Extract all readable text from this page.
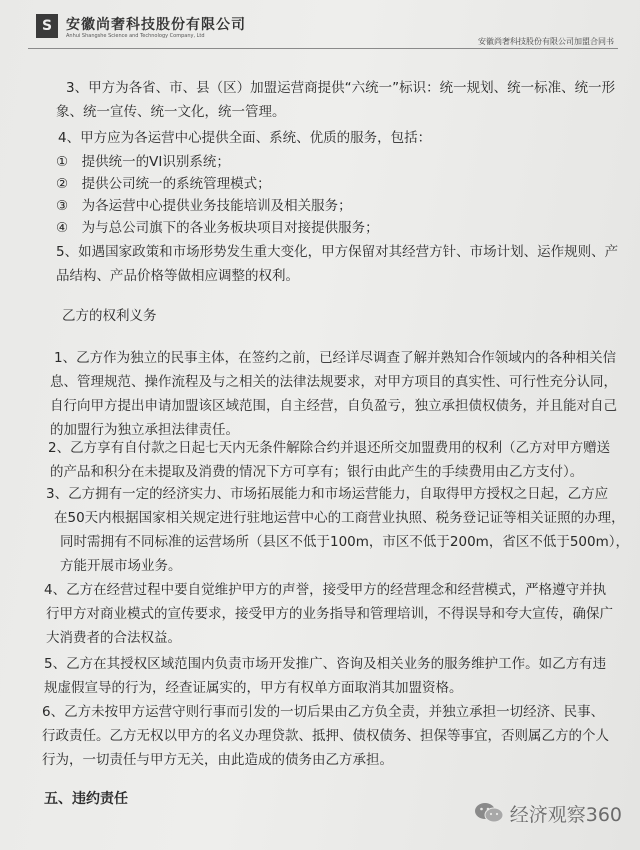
S 安徽尚奢科技股份有限公司
Anhui Shangshe Science and Technology Company, Ltd
安徽尚奢科技股份有限公司加盟合同书
3、甲方为各省、市、县（区）加盟运营商提供“六统一”标识：统一规划、统一标准、统一形
象、统一宣传、统一文化，统一管理。
4、甲方应为各运营中心提供全面、系统、优质的服务，包括：
①　提供统一的VI识别系统；
②　提供公司统一的系统管理模式；
③　为各运营中心提供业务技能培训及相关服务；
④　为与总公司旗下的各业务板块项目对接提供服务；
5、如遇国家政策和市场形势发生重大变化，甲方保留对其经营方针、市场计划、运作规则、产
品结构、产品价格等做相应调整的权利。
乙方的权利义务
1、乙方作为独立的民事主体，在签约之前，已经详尽调查了解并熟知合作领域内的各种相关信
息、管理规范、操作流程及与之相关的法律法规要求，对甲方项目的真实性、可行性充分认同，
自行向甲方提出申请加盟该区域范围，自主经营，自负盈亏，独立承担债权债务，并且能对自己
的加盟行为独立承担法律责任。
2、乙方享有自付款之日起七天内无条件解除合约并退还所交加盟费用的权利（乙方对甲方赠送
的产品和积分在未提取及消费的情况下方可享有；银行由此产生的手续费用由乙方支付）。
3、乙方拥有一定的经济实力、市场拓展能力和市场运营能力，自取得甲方授权之日起，乙方应
在50天内根据国家相关规定进行驻地运营中心的工商营业执照、税务登记证等相关证照的办理，
同时需拥有不同标准的运营场所（县区不低于100m，市区不低于200m，省区不低于500m），
方能开展市场业务。
4、乙方在经营过程中要自觉维护甲方的声誉，接受甲方的经营理念和经营模式，严格遵守并执
行甲方对商业模式的宣传要求，接受甲方的业务指导和管理培训，不得误导和夸大宣传，确保广
大消费者的合法权益。
5、乙方在其授权区域范围内负责市场开发推广、咨询及相关业务的服务维护工作。如乙方有违
规虚假宣导的行为，经查证属实的，甲方有权单方面取消其加盟资格。
6、乙方未按甲方运营守则行事而引发的一切后果由乙方负全责，并独立承担一切经济、民事、
行政责任。乙方无权以甲方的名义办理贷款、抵押、债权债务、担保等事宜，否则属乙方的个人
行为，一切责任与甲方无关，由此造成的债务由乙方承担。
五、违约责任
经济观察360
